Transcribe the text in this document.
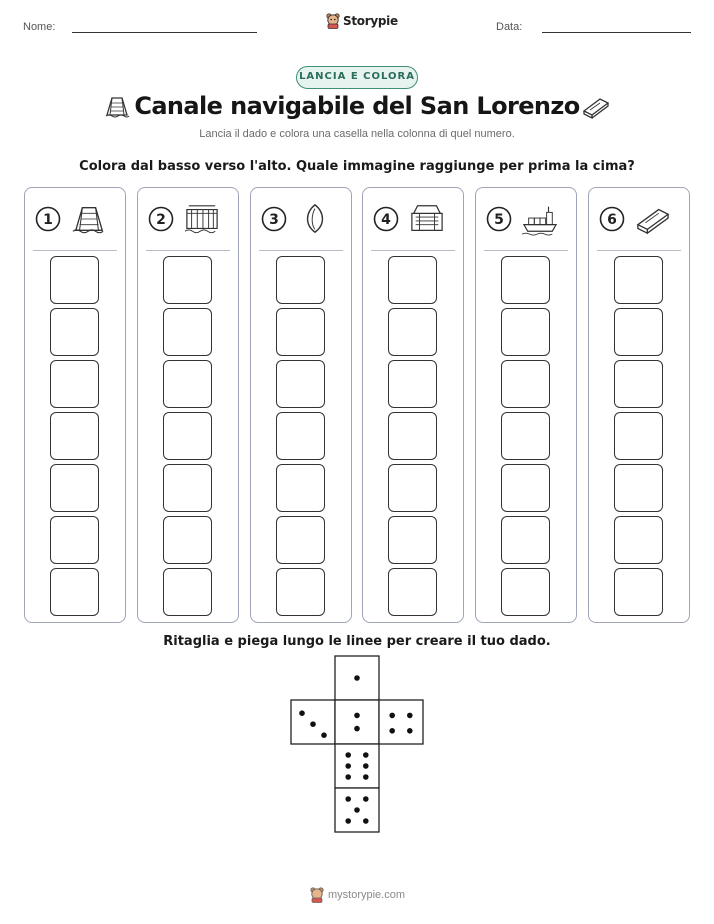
Nome:	Storypie	Data:
LANCIA E COLORA
Canale navigabile del San Lorenzo
Lancia il dado e colora una casella nella colonna di quel numero.
Colora dal basso verso l'alto. Quale immagine raggiunge per prima la cima?
1	2	3	4	5	6
Ritaglia e piega lungo le linee per creare il tuo dado.
mystorypie.com
